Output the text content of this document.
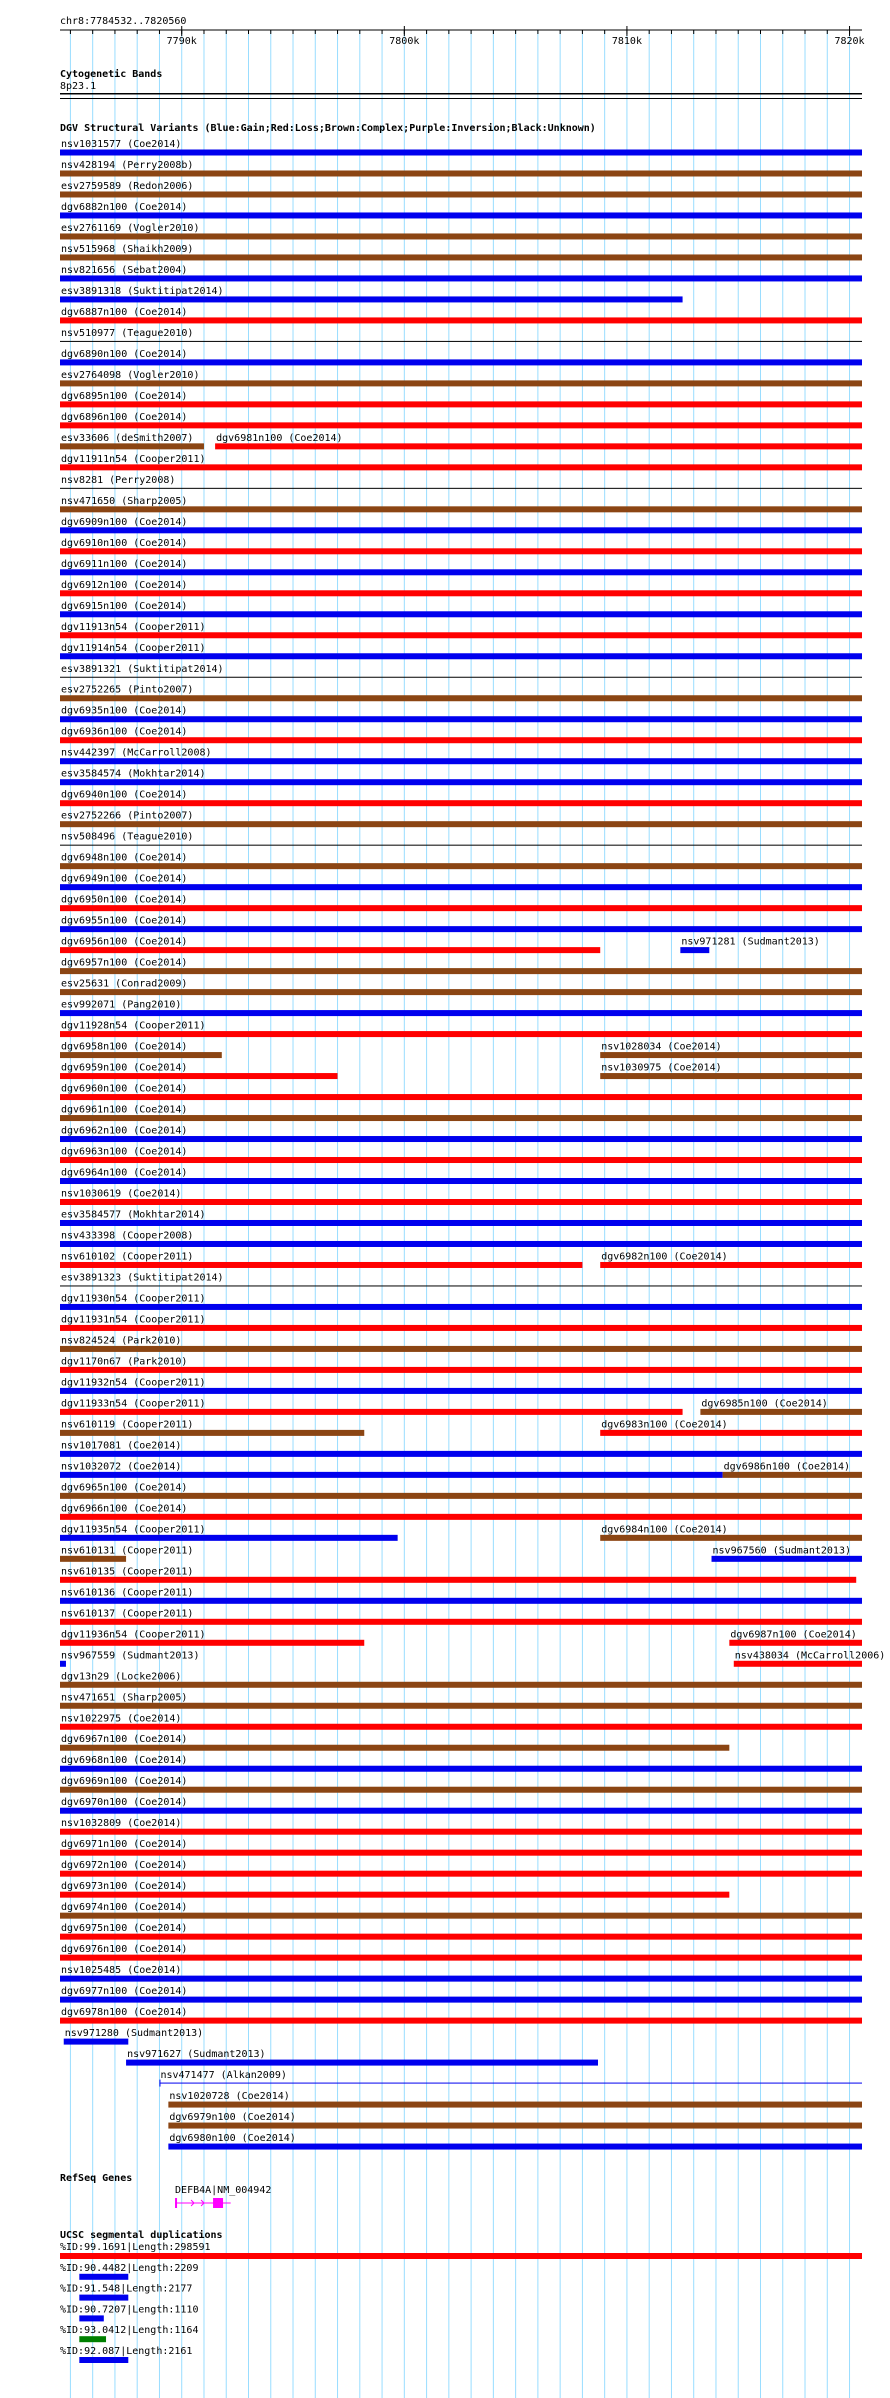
chr8:7784532..7820560
7790k	7800k	7810k	7820k
Cytogenetic Bands
8p23.1
DGV Structural Variants (Blue:Gain;Red:Loss;Brown:Complex;Purple:Inversion;Black:Unknown)
nsv1031577 (Coe2014)
nsv428194 (Perry2008b)
esv2759589 (Redon2006)
dgv6882n100 (Coe2014)
esv2761169 (Vogler2010)
nsv515968 (Shaikh2009)
nsv821656 (Sebat2004)
esv3891318 (Suktitipat2014)
dgv6887n100 (Coe2014)
nsv510977 (Teague2010)
dgv6890n100 (Coe2014)
esv2764098 (Vogler2010)
dgv6895n100 (Coe2014)
dgv6896n100 (Coe2014)
esv33606 (deSmith2007) dgv6981n100 (Coe2014)
dgv11911n54 (Cooper2011)
nsv8281 (Perry2008)
nsv471650 (Sharp2005)
dgv6909n100 (Coe2014)
dgv6910n100 (Coe2014)
dgv6911n100 (Coe2014)
dgv6912n100 (Coe2014)
dgv6915n100 (Coe2014)
dgv11913n54 (Cooper2011)
dgv11914n54 (Cooper2011)
esv3891321 (Suktitipat2014)
esv2752265 (Pinto2007)
dgv6935n100 (Coe2014)
dgv6936n100 (Coe2014)
nsv442397 (McCarroll2008)
esv3584574 (Mokhtar2014)
dgv6940n100 (Coe2014)
esv2752266 (Pinto2007)
nsv508496 (Teague2010)
dgv6948n100 (Coe2014)
dgv6949n100 (Coe2014)
dgv6950n100 (Coe2014)
dgv6955n100 (Coe2014)
dgv6956n100 (Coe2014)	nsv971281 (Sudmant2013)
dgv6957n100 (Coe2014)
esv25631 (Conrad2009)
esv992071 (Pang2010)
dgv11928n54 (Cooper2011)
dgv6958n100 (Coe2014)	nsv1028034 (Coe2014)
dgv6959n100 (Coe2014)	nsv1030975 (Coe2014)
dgv6960n100 (Coe2014)
dgv6961n100 (Coe2014)
dgv6962n100 (Coe2014)
dgv6963n100 (Coe2014)
dgv6964n100 (Coe2014)
nsv1030619 (Coe2014)
esv3584577 (Mokhtar2014)
nsv433398 (Cooper2008)
nsv610102 (Cooper2011)	dgv6982n100 (Coe2014)
esv3891323 (Suktitipat2014)
dgv11930n54 (Cooper2011)
dgv11931n54 (Cooper2011)
nsv824524 (Park2010)
dgv1170n67 (Park2010)
dgv11932n54 (Cooper2011)
dgv11933n54 (Cooper2011)	dgv6985n100 (Coe2014)
nsv610119 (Cooper2011)	dgv6983n100 (Coe2014)
nsv1017081 (Coe2014)
nsv1032072 (Coe2014)	dgv6986n100 (Coe2014)
dgv6965n100 (Coe2014)
dgv6966n100 (Coe2014)
dgv11935n54 (Cooper2011)	dgv6984n100 (Coe2014)
nsv610131 (Cooper2011)	nsv967560 (Sudmant2013)
nsv610135 (Cooper2011)
nsv610136 (Cooper2011)
nsv610137 (Cooper2011)
dgv11936n54 (Cooper2011)	dgv6987n100 (Coe2014)
nsv967559 (Sudmant2013)	nsv438034 (McCarroll2006)
dgv13n29 (Locke2006)
nsv471651 (Sharp2005)
nsv1022975 (Coe2014)
dgv6967n100 (Coe2014)
dgv6968n100 (Coe2014)
dgv6969n100 (Coe2014)
dgv6970n100 (Coe2014)
nsv1032809 (Coe2014)
dgv6971n100 (Coe2014)
dgv6972n100 (Coe2014)
dgv6973n100 (Coe2014)
dgv6974n100 (Coe2014)
dgv6975n100 (Coe2014)
dgv6976n100 (Coe2014)
nsv1025485 (Coe2014)
dgv6977n100 (Coe2014)
dgv6978n100 (Coe2014)
nsv971280 (Sudmant2013)
nsv971627 (Sudmant2013)
nsv471477 (Alkan2009)
nsv1020728 (Coe2014)
dgv6979n100 (Coe2014)
dgv6980n100 (Coe2014)
RefSeq Genes
DEFB4A|NM_004942
UCSC segmental duplications
%ID:99.1691|Length:298591
%ID:90.4482|Length:2209
%ID:91.548|Length:2177
%ID:90.7207|Length:1110
%ID:93.0412|Length:1164
%ID:92.087|Length:2161
